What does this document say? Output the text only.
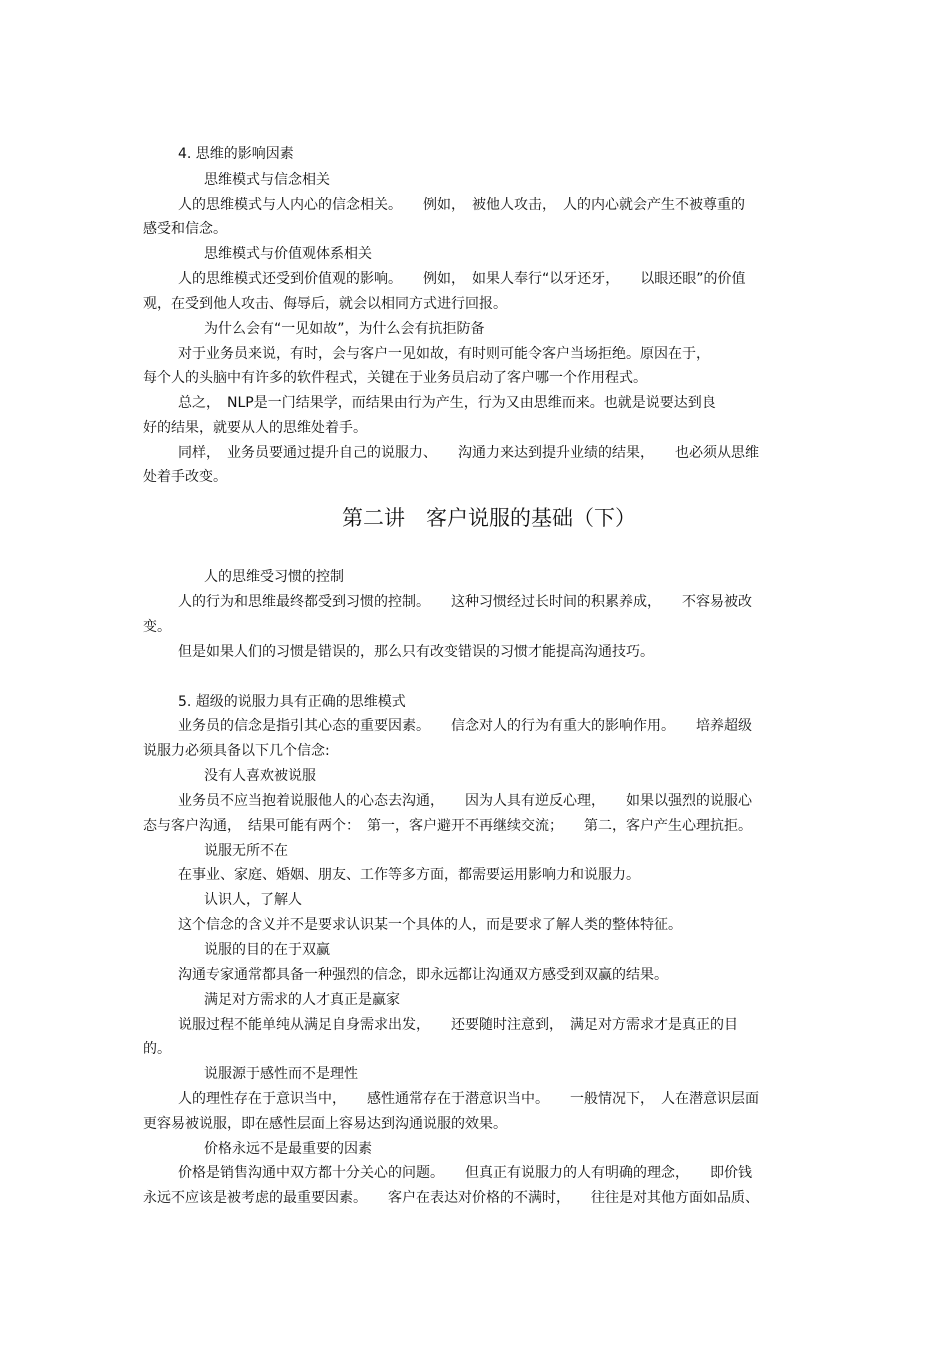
4. 思维的影响因素
思维模式与信念相关
人的思维模式与人内心的信念相关。　　例如，　被他人攻击，　人的内心就会产生不被尊重的
感受和信念。
思维模式与价值观体系相关
人的思维模式还受到价值观的影响。　　例如，　如果人奉行“以牙还牙，　　以眼还眼”的价值
观，在受到他人攻击、侮辱后，就会以相同方式进行回报。
为什么会有“一见如故”，为什么会有抗拒防备
对于业务员来说，有时，会与客户一见如故，有时则可能令客户当场拒绝。原因在于，
每个人的头脑中有许多的软件程式，关键在于业务员启动了客户哪一个作用程式。
总之，　NLP是一门结果学，而结果由行为产生，行为又由思维而来。也就是说要达到良
好的结果，就要从人的思维处着手。
同样，　业务员要通过提升自己的说服力、　　沟通力来达到提升业绩的结果，　　也必须从思维
处着手改变。
人的思维受习惯的控制
人的行为和思维最终都受到习惯的控制。　　这种习惯经过长时间的积累养成，　　不容易被改
变。
但是如果人们的习惯是错误的，那么只有改变错误的习惯才能提高沟通技巧。
5. 超级的说服力具有正确的思维模式
业务员的信念是指引其心态的重要因素。　　信念对人的行为有重大的影响作用。　　培养超级
说服力必须具备以下几个信念:
没有人喜欢被说服
业务员不应当抱着说服他人的心态去沟通，　　因为人具有逆反心理，　　如果以强烈的说服心
态与客户沟通，　结果可能有两个：　第一，客户避开不再继续交流；　　第二，客户产生心理抗拒。
说服无所不在
在事业、家庭、婚姻、朋友、工作等多方面，都需要运用影响力和说服力。
认识人，了解人
这个信念的含义并不是要求认识某一个具体的人，而是要求了解人类的整体特征。
说服的目的在于双赢
沟通专家通常都具备一种强烈的信念，即永远都让沟通双方感受到双赢的结果。
满足对方需求的人才真正是赢家
说服过程不能单纯从满足自身需求出发，　　还要随时注意到，　满足对方需求才是真正的目
的。
说服源于感性而不是理性
人的理性存在于意识当中，　　感性通常存在于潜意识当中。　　一般情况下，　人在潜意识层面
更容易被说服，即在感性层面上容易达到沟通说服的效果。
价格永远不是最重要的因素
价格是销售沟通中双方都十分关心的问题。　　但真正有说服力的人有明确的理念，　　即价钱
永远不应该是被考虑的最重要因素。　　客户在表达对价格的不满时，　　往往是对其他方面如品质、
第二讲　客户说服的基础（下）
